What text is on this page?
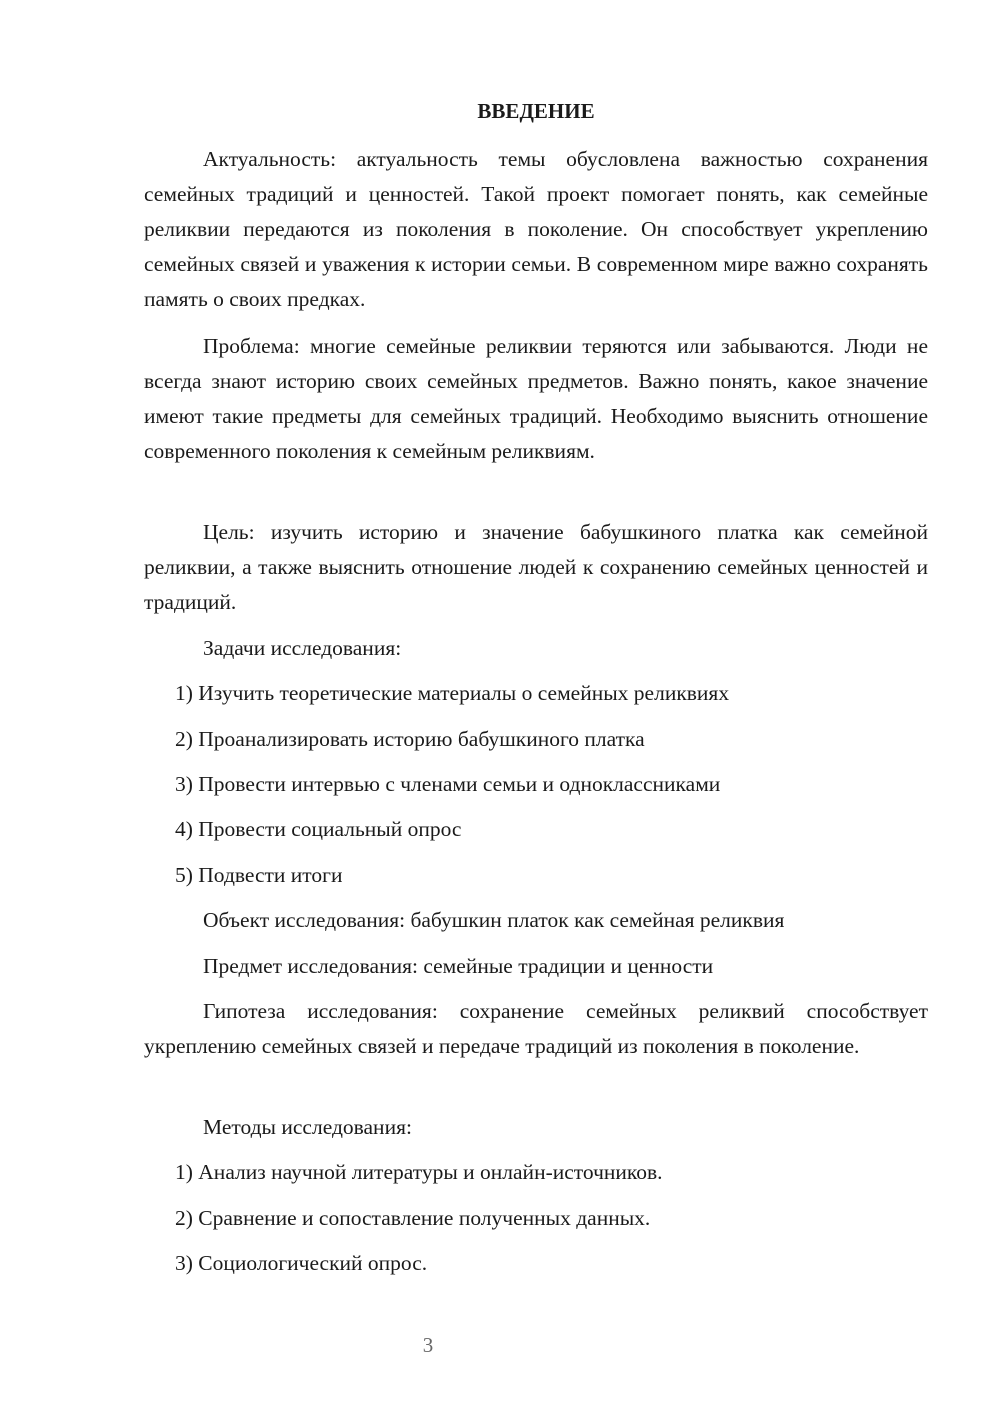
ВВЕДЕНИЕ

Актуальность: актуальность темы обусловлена важностью сохранения семейных традиций и ценностей. Такой проект помогает понять, как семейные реликвии передаются из поколения в поколение. Он способствует укреплению семейных связей и уважения к истории семьи. В современном мире важно сохранять память о своих предках.

Проблема: многие семейные реликвии теряются или забываются. Люди не всегда знают историю своих семейных предметов. Важно понять, какое значение имеют такие предметы для семейных традиций. Необходимо выяснить отношение современного поколения к семейным реликвиям.

Цель: изучить историю и значение бабушкиного платка как семейной реликвии, а также выяснить отношение людей к сохранению семейных ценностей и традиций.

Задачи исследования:
1) Изучить теоретические материалы о семейных реликвиях
2) Проанализировать историю бабушкиного платка
3) Провести интервью с членами семьи и одноклассниками
4) Провести социальный опрос
5) Подвести итоги
Объект исследования: бабушкин платок как семейная реликвия
Предмет исследования: семейные традиции и ценности

Гипотеза исследования: сохранение семейных реликвий способствует укреплению семейных связей и передаче традиций из поколения в поколение.

Методы исследования:
1) Анализ научной литературы и онлайн-источников.
2) Сравнение и сопоставление полученных данных.
3) Социологический опрос.
3
